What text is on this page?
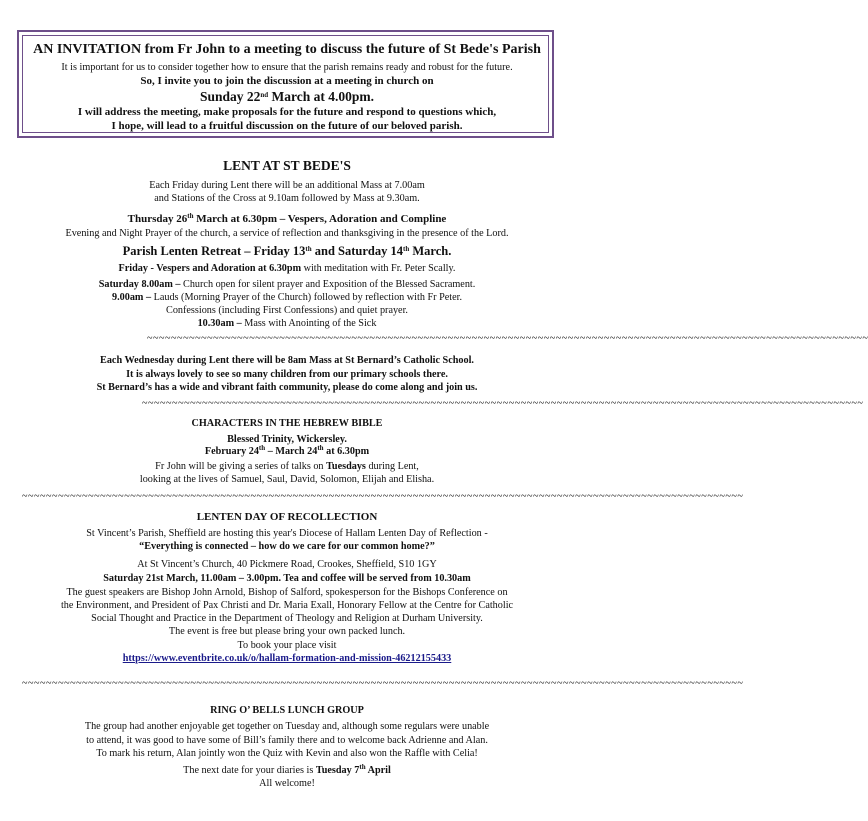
AN INVITATION from Fr John to a meeting to discuss the future of St Bede's Parish
It is important for us to consider together how to ensure that the parish remains ready and robust for the future.
So, I invite you to join the discussion at a meeting in church on
Sunday 22nd March at 4.00pm.
I will address the meeting, make proposals for the future and respond to questions which,
I hope, will lead to a fruitful discussion on the future of our beloved parish.
LENT AT ST BEDE'S
Each Friday during Lent there will be an additional Mass at 7.00am
and Stations of the Cross at 9.10am followed by Mass at 9.30am.
Thursday 26th March at 6.30pm – Vespers, Adoration and Compline
Evening and Night Prayer of the church, a service of reflection and thanksgiving in the presence of the Lord.
Parish Lenten Retreat – Friday 13th and Saturday 14th March.
Friday - Vespers and Adoration at 6.30pm with meditation with Fr. Peter Scally.
Saturday 8.00am – Church open for silent prayer and Exposition of the Blessed Sacrament.
9.00am – Lauds (Morning Prayer of the Church) followed by reflection with Fr Peter.
Confessions (including First Confessions) and quiet prayer.
10.30am – Mass with Anointing of the Sick
~~~~~~~~~~~~~~~~~~~~~~~~~~~~~~~~~~~~~~~~~~~~~~~~~~~~~~~~~~~~~~~~~~~~~~~~~~~~~~~~~~~~~~~~~~~~~~~~~~~~~~~~~~~~~~~~~~~~~~~~
Each Wednesday during Lent there will be 8am Mass at St Bernard’s Catholic School.
It is always lovely to see so many children from our primary schools there.
St Bernard’s has a wide and vibrant faith community, please do come along and join us.
~~~~~~~~~~~~~~~~~~~~~~~~~~~~~~~~~~~~~~~~~~~~~~~~~~~~~~~~~~~~~~~~~~~~~~~~~~~~~~~~~~~~~~~~~~~~~~~~~~~~~~~~~~~~~~~~~~~~~~~~
CHARACTERS IN THE HEBREW BIBLE
Blessed Trinity, Wickersley.
February 24th – March 24th at 6.30pm
Fr John will be giving a series of talks on Tuesdays during Lent,
looking at the lives of Samuel, Saul, David, Solomon, Elijah and Elisha.
~~~~~~~~~~~~~~~~~~~~~~~~~~~~~~~~~~~~~~~~~~~~~~~~~~~~~~~~~~~~~~~~~~~~~~~~~~~~~~~~~~~~~~~~~~~~~~~~~~~~~~~~~~~~~~~~~~~~~~~~
LENTEN DAY OF RECOLLECTION
St Vincent’s Parish, Sheffield are hosting this year's Diocese of Hallam Lenten Day of Reflection -
“Everything is connected – how do we care for our common home?”
At St Vincent’s Church, 40 Pickmere Road, Crookes, Sheffield, S10 1GY
Saturday 21st March, 11.00am – 3.00pm. Tea and coffee will be served from 10.30am
The guest speakers are Bishop John Arnold, Bishop of Salford, spokesperson for the Bishops Conference on
the Environment, and President of Pax Christi and Dr. Maria Exall, Honorary Fellow at the Centre for Catholic
Social Thought and Practice in the Department of Theology and Religion at Durham University.
The event is free but please bring your own packed lunch.
To book your place visit
https://www.eventbrite.co.uk/o/hallam-formation-and-mission-46212155433
~~~~~~~~~~~~~~~~~~~~~~~~~~~~~~~~~~~~~~~~~~~~~~~~~~~~~~~~~~~~~~~~~~~~~~~~~~~~~~~~~~~~~~~~~~~~~~~~~~~~~~~~~~~~~~~~~~~~~~~~
RING O’ BELLS LUNCH GROUP
The group had another enjoyable get together on Tuesday and, although some regulars were unable
to attend, it was good to have some of Bill’s family there and to welcome back Adrienne and Alan.
To mark his return, Alan jointly won the Quiz with Kevin and also won the Raffle with Celia!
The next date for your diaries is Tuesday 7th April
All welcome!
